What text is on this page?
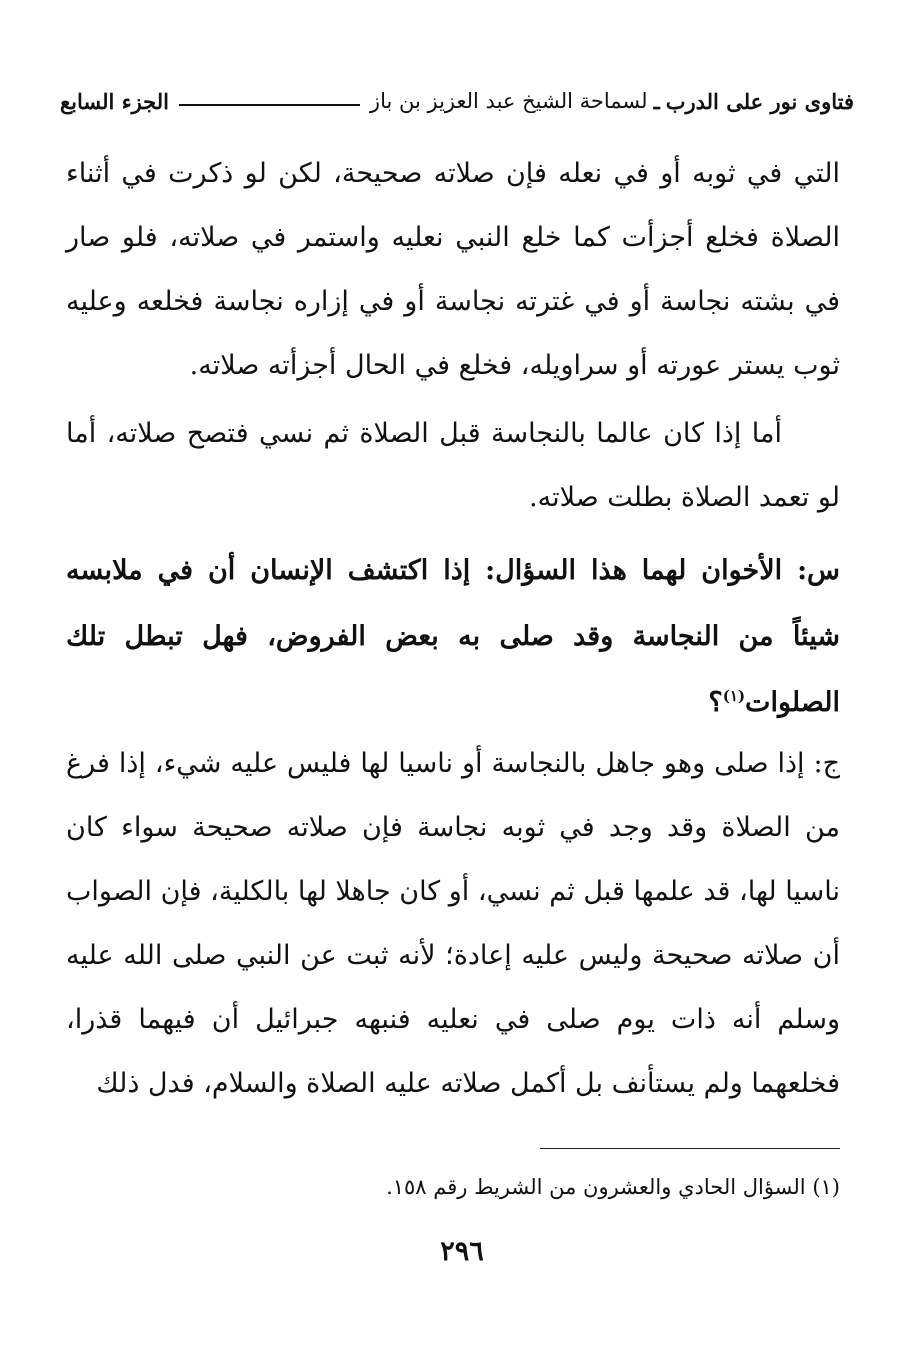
فتاوى نور على الدرب
ـ
لسماحة الشيخ عبد العزيز بن باز
الجزء السابع

التي في ثوبه أو في نعله فإن صلاته صحيحة، لكن لو ذكرت في أثناء الصلاة فخلع أجزأت كما خلع النبي نعليه واستمر في صلاته، فلو صار في بشته نجاسة أو في غترته نجاسة أو في إزاره نجاسة فخلعه وعليه ثوب يستر عورته أو سراويله، فخلع في الحال أجزأته صلاته.

أما إذا كان عالما بالنجاسة قبل الصلاة ثم نسي فتصح صلاته، أما لو تعمد الصلاة بطلت صلاته.

س: الأخوان لهما هذا السؤال: إذا اكتشف الإنسان أن في ملابسه شيئاً من النجاسة وقد صلى به بعض الفروض، فهل تبطل تلك الصلوات$^{(١)}$؟

ج: إذا صلى وهو جاهل بالنجاسة أو ناسيا لها فليس عليه شيء، إذا فرغ من الصلاة وقد وجد في ثوبه نجاسة فإن صلاته صحيحة سواء كان ناسيا لها، قد علمها قبل ثم نسي، أو كان جاهلا لها بالكلية، فإن الصواب أن صلاته صحيحة وليس عليه إعادة؛ لأنه ثبت عن النبي صلى الله عليه وسلم أنه ذات يوم صلى في نعليه فنبهه جبرائيل أن فيهما قذرا، فخلعهما ولم يستأنف بل أكمل صلاته عليه الصلاة والسلام، فدل ذلك

(١) السؤال الحادي والعشرون من الشريط رقم ١٥٨.
٢٩٦
